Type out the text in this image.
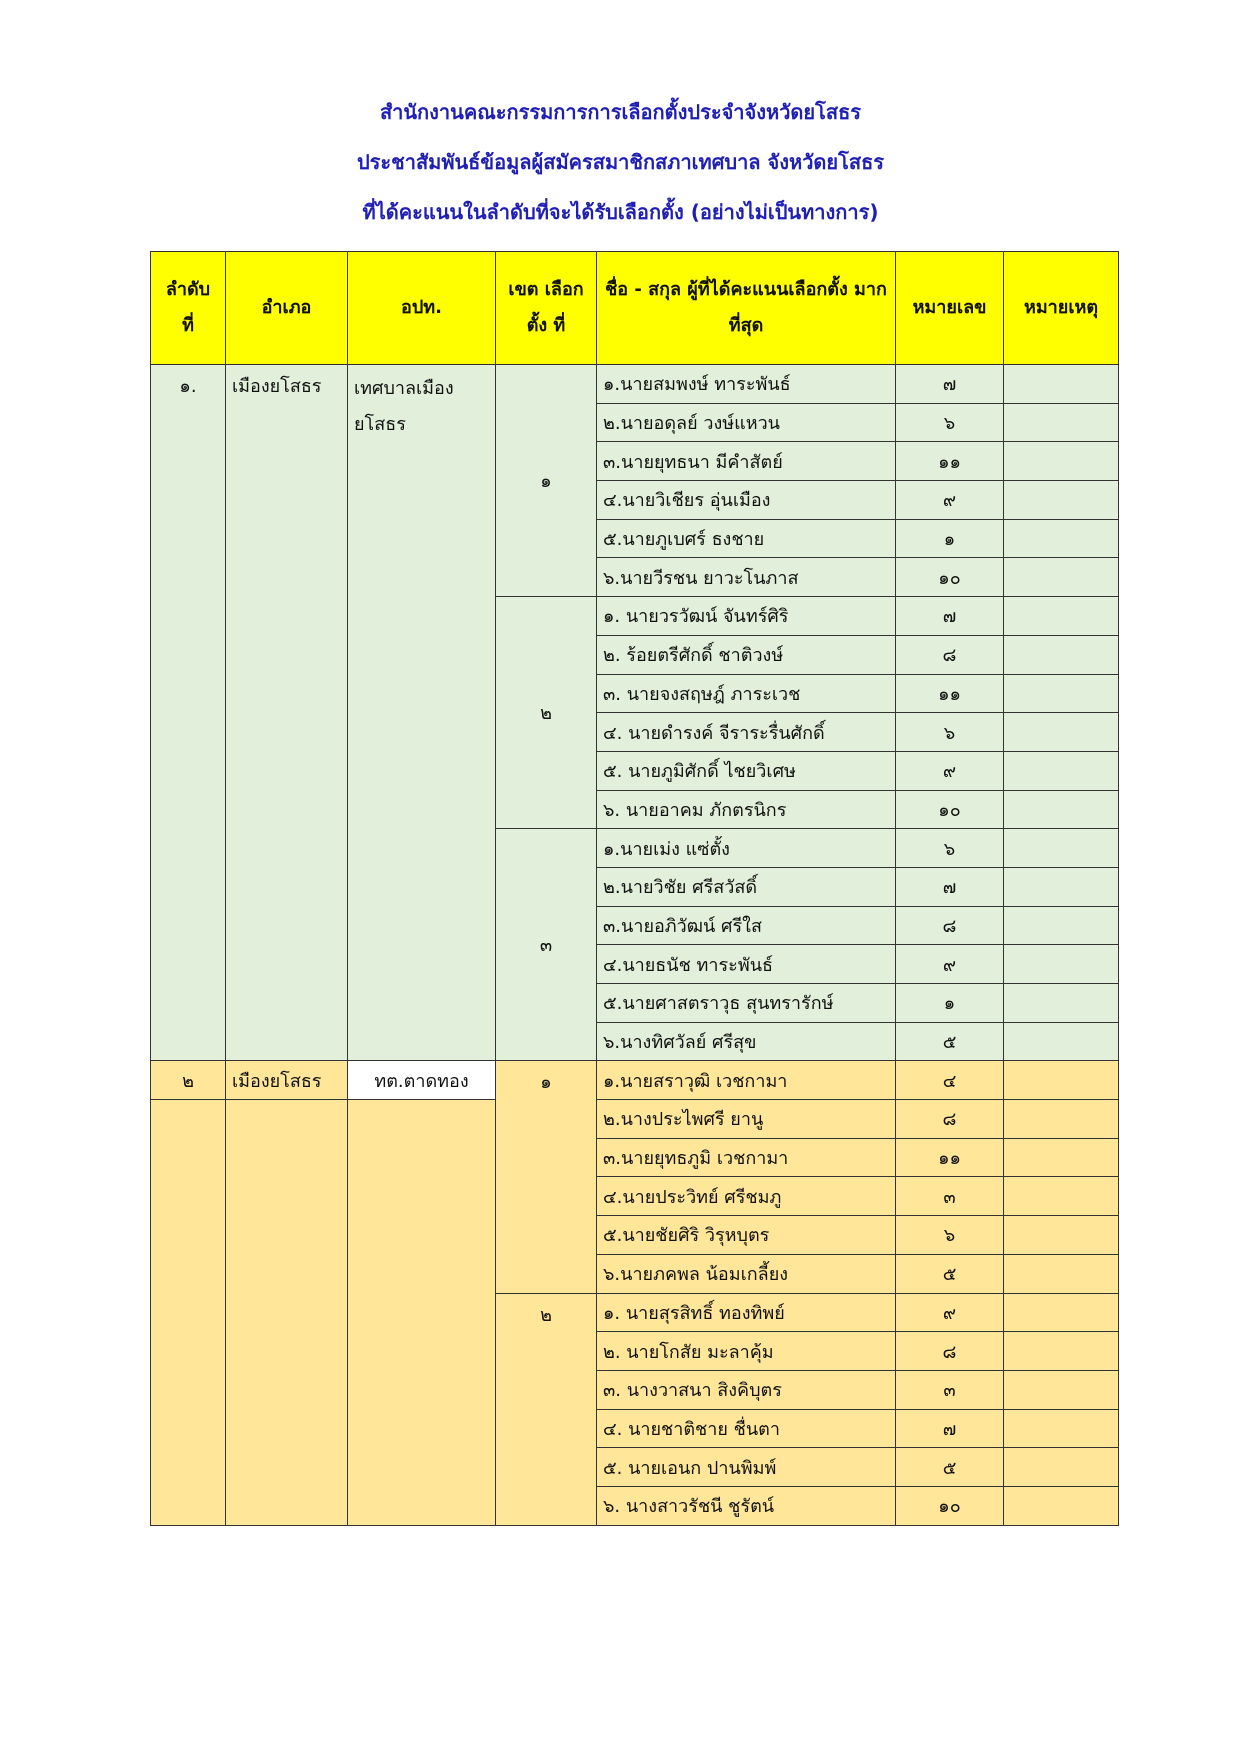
สำนักงานคณะกรรมการการเลือกตั้งประจำจังหวัดยโสธร
ประชาสัมพันธ์ข้อมูลผู้สมัครสมาชิกสภาเทศบาล จังหวัดยโสธร
ที่ได้คะแนนในลำดับที่จะได้รับเลือกตั้ง (อย่างไม่เป็นทางการ)
ลำดับ ที่	อำเภอ	อปท.	เขต เลือกตั้ง ที่	ชื่อ - สกุล ผู้ที่ได้คะแนนเลือกตั้ง มากที่สุด	หมายเลข	หมายเหตุ
๑.	เมืองยโสธร	เทศบาลเมืองยโสธร	๑	๑.นายสมพงษ์ ทาระพันธ์	๗	
				๒.นายอดุลย์ วงษ์แหวน	๖	
				๓.นายยุทธนา มีคำสัตย์	๑๑	
				๔.นายวิเชียร อุ่นเมือง	๙	
				๕.นายภูเบศร์ ธงชาย	๑	
				๖.นายวีรชน ยาวะโนภาส	๑๐	
			๒	๑. นายวรวัฒน์ จันทร์ศิริ	๗	
				๒. ร้อยตรีศักดิ์ ชาติวงษ์	๘	
				๓. นายจงสฤษฎ์ ภาระเวช	๑๑	
				๔. นายดำรงค์ จีราระรื่นศักดิ์	๖	
				๕. นายภูมิศักดิ์ ไชยวิเศษ	๙	
				๖. นายอาคม ภักตรนิกร	๑๐	
			๓	๑.นายเม่ง แซ่ตั้ง	๖	
				๒.นายวิชัย ศรีสวัสดิ์	๗	
				๓.นายอภิวัฒน์ ศรีใส	๘	
				๔.นายธนัช ทาระพันธ์	๙	
				๕.นายศาสตราวุธ สุนทรารักษ์	๑	
				๖.นางทิศวัลย์ ศรีสุข	๕	
๒	เมืองยโสธร	ทต.ตาดทอง	๑	๑.นายสราวุฒิ เวชกามา	๔	
				๒.นางประไพศรี ยานู	๘	
				๓.นายยุทธภูมิ เวชกามา	๑๑	
				๔.นายประวิทย์ ศรีชมภู	๓	
				๕.นายชัยศิริ วิรุหบุตร	๖	
				๖.นายภคพล น้อมเกลี้ยง	๕	
			๒	๑. นายสุรสิทธิ์ ทองทิพย์	๙	
				๒. นายโกสัย มะลาคุ้ม	๘	
				๓. นางวาสนา สิงคิบุตร	๓	
				๔. นายชาติชาย ชื่นตา	๗	
				๕. นายเอนก ปานพิมพ์	๕	
				๖. นางสาวรัชนี ชูรัตน์	๑๐	
